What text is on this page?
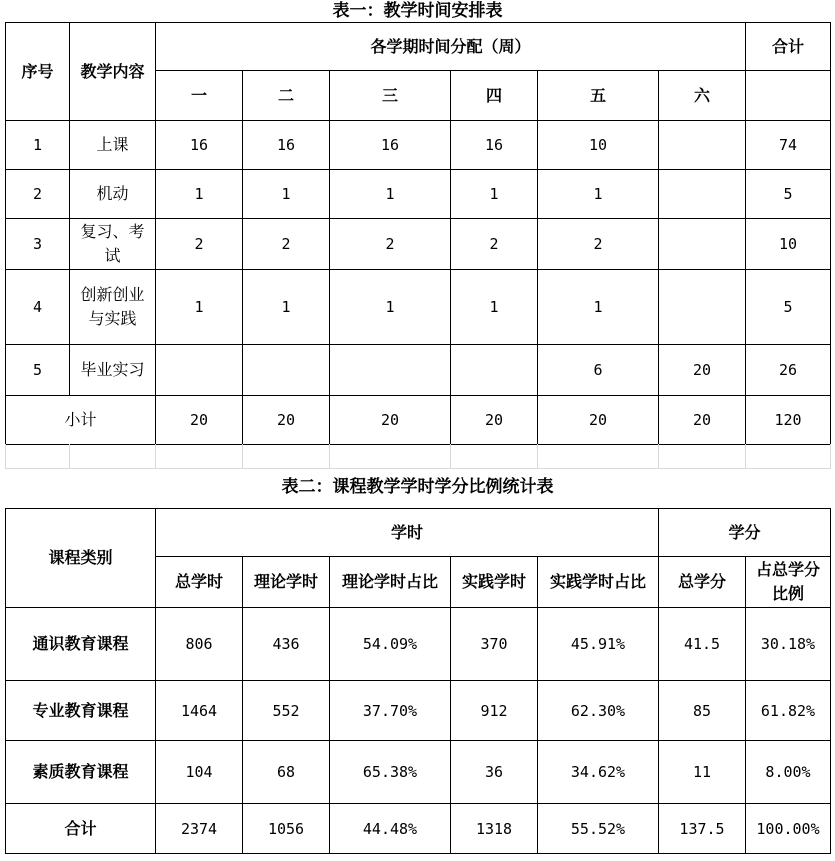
表一：教学时间安排表
序号	教学内容	各学期时间分配（周）						合计
		一	二	三	四	五	六	
1	上课	16	16	16	16	10		74
2	机动	1	1	1	1	1		5
3	复习、考试	2	2	2	2	2		10
4	创新创业与实践	1	1	1	1	1		5
5	毕业实习					6	20	26
小计		20	20	20	20	20	20	120

表二：课程教学学时学分比例统计表
课程类别	学时					学分	
	总学时	理论学时	理论学时占比	实践学时	实践学时占比	总学分	占总学分比例
通识教育课程	806	436	54.09%	370	45.91%	41.5	30.18%
专业教育课程	1464	552	37.70%	912	62.30%	85	61.82%
素质教育课程	104	68	65.38%	36	34.62%	11	8.00%
合计	2374	1056	44.48%	1318	55.52%	137.5	100.00%
